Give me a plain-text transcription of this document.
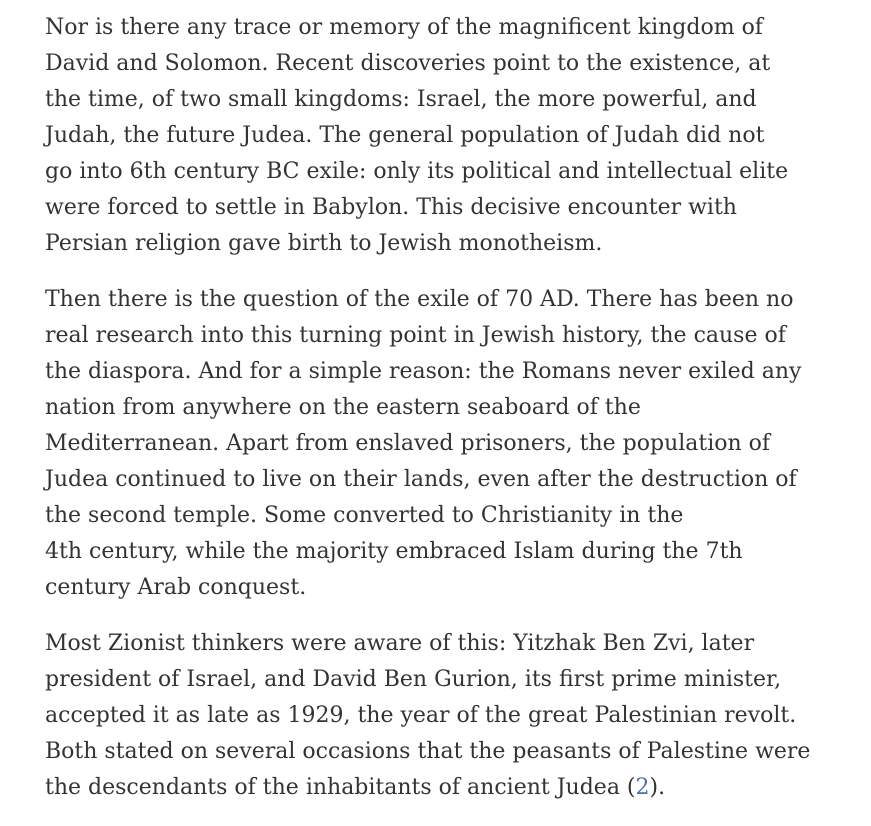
Nor is there any trace or memory of the magnificent kingdom of
David and Solomon. Recent discoveries point to the existence, at
the time, of two small kingdoms: Israel, the more powerful, and
Judah, the future Judea. The general population of Judah did not
go into 6th century BC exile: only its political and intellectual elite
were forced to settle in Babylon. This decisive encounter with
Persian religion gave birth to Jewish monotheism.

Then there is the question of the exile of 70 AD. There has been no
real research into this turning point in Jewish history, the cause of
the diaspora. And for a simple reason: the Romans never exiled any
nation from anywhere on the eastern seaboard of the
Mediterranean. Apart from enslaved prisoners, the population of
Judea continued to live on their lands, even after the destruction of
the second temple. Some converted to Christianity in the
4th century, while the majority embraced Islam during the 7th
century Arab conquest.

Most Zionist thinkers were aware of this: Yitzhak Ben Zvi, later
president of Israel, and David Ben Gurion, its first prime minister,
accepted it as late as 1929, the year of the great Palestinian revolt.
Both stated on several occasions that the peasants of Palestine were
the descendants of the inhabitants of ancient Judea (2).
